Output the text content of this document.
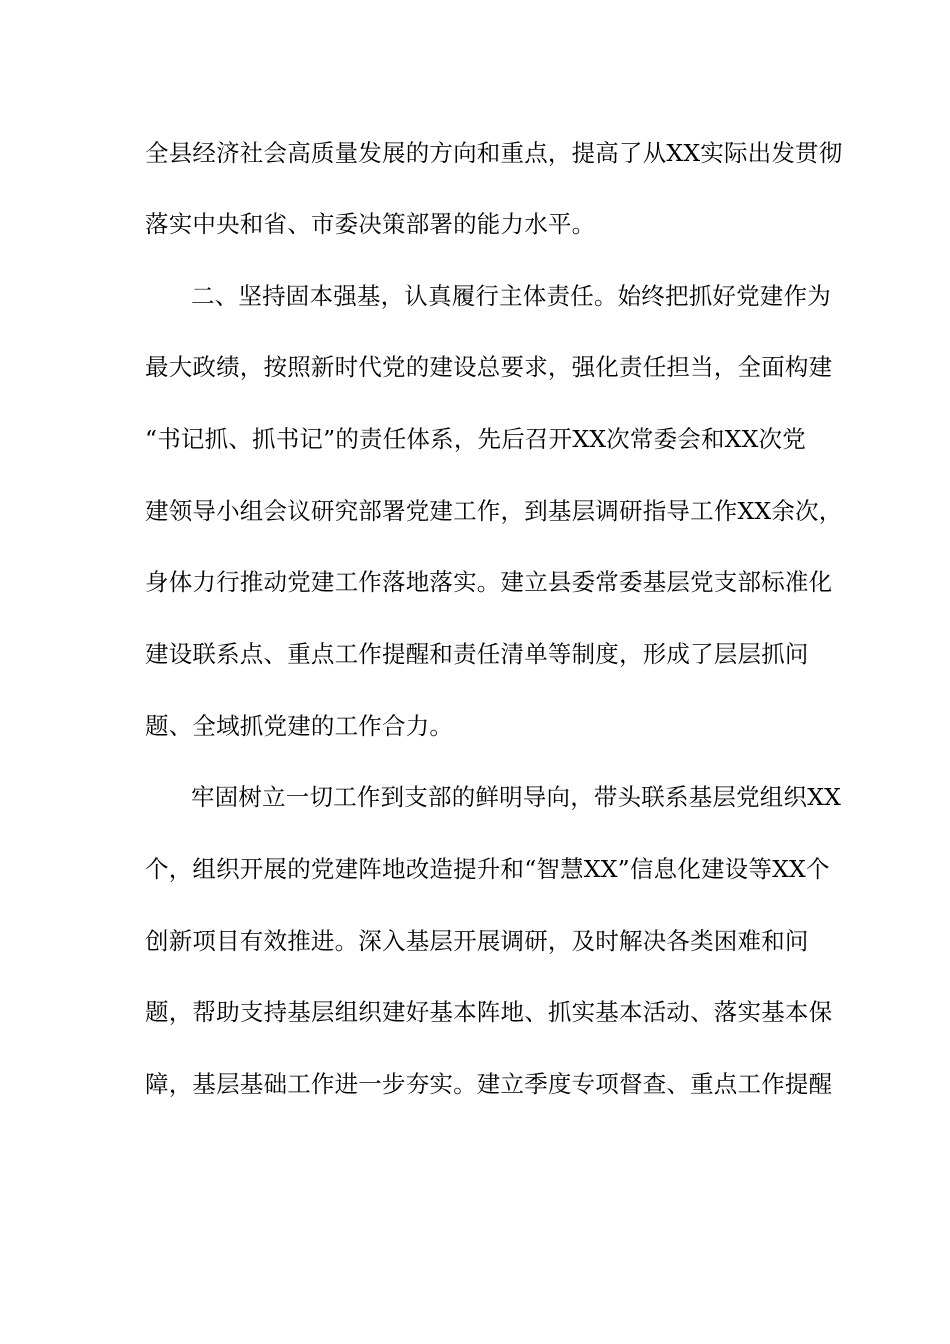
全县经济社会高质量发展的方向和重点，提高了从XX实际出发贯彻
落实中央和省、市委决策部署的能力水平。
二、坚持固本强基，认真履行主体责任。始终把抓好党建作为
最大政绩，按照新时代党的建设总要求，强化责任担当，全面构建
“书记抓、抓书记”的责任体系，先后召开XX次常委会和XX次党
建领导小组会议研究部署党建工作，到基层调研指导工作XX余次，
身体力行推动党建工作落地落实。建立县委常委基层党支部标准化
建设联系点、重点工作提醒和责任清单等制度，形成了层层抓问
题、全域抓党建的工作合力。
牢固树立一切工作到支部的鲜明导向，带头联系基层党组织XX
个，组织开展的党建阵地改造提升和“智慧XX”信息化建设等XX个
创新项目有效推进。深入基层开展调研，及时解决各类困难和问
题，帮助支持基层组织建好基本阵地、抓实基本活动、落实基本保
障，基层基础工作进一步夯实。建立季度专项督查、重点工作提醒
